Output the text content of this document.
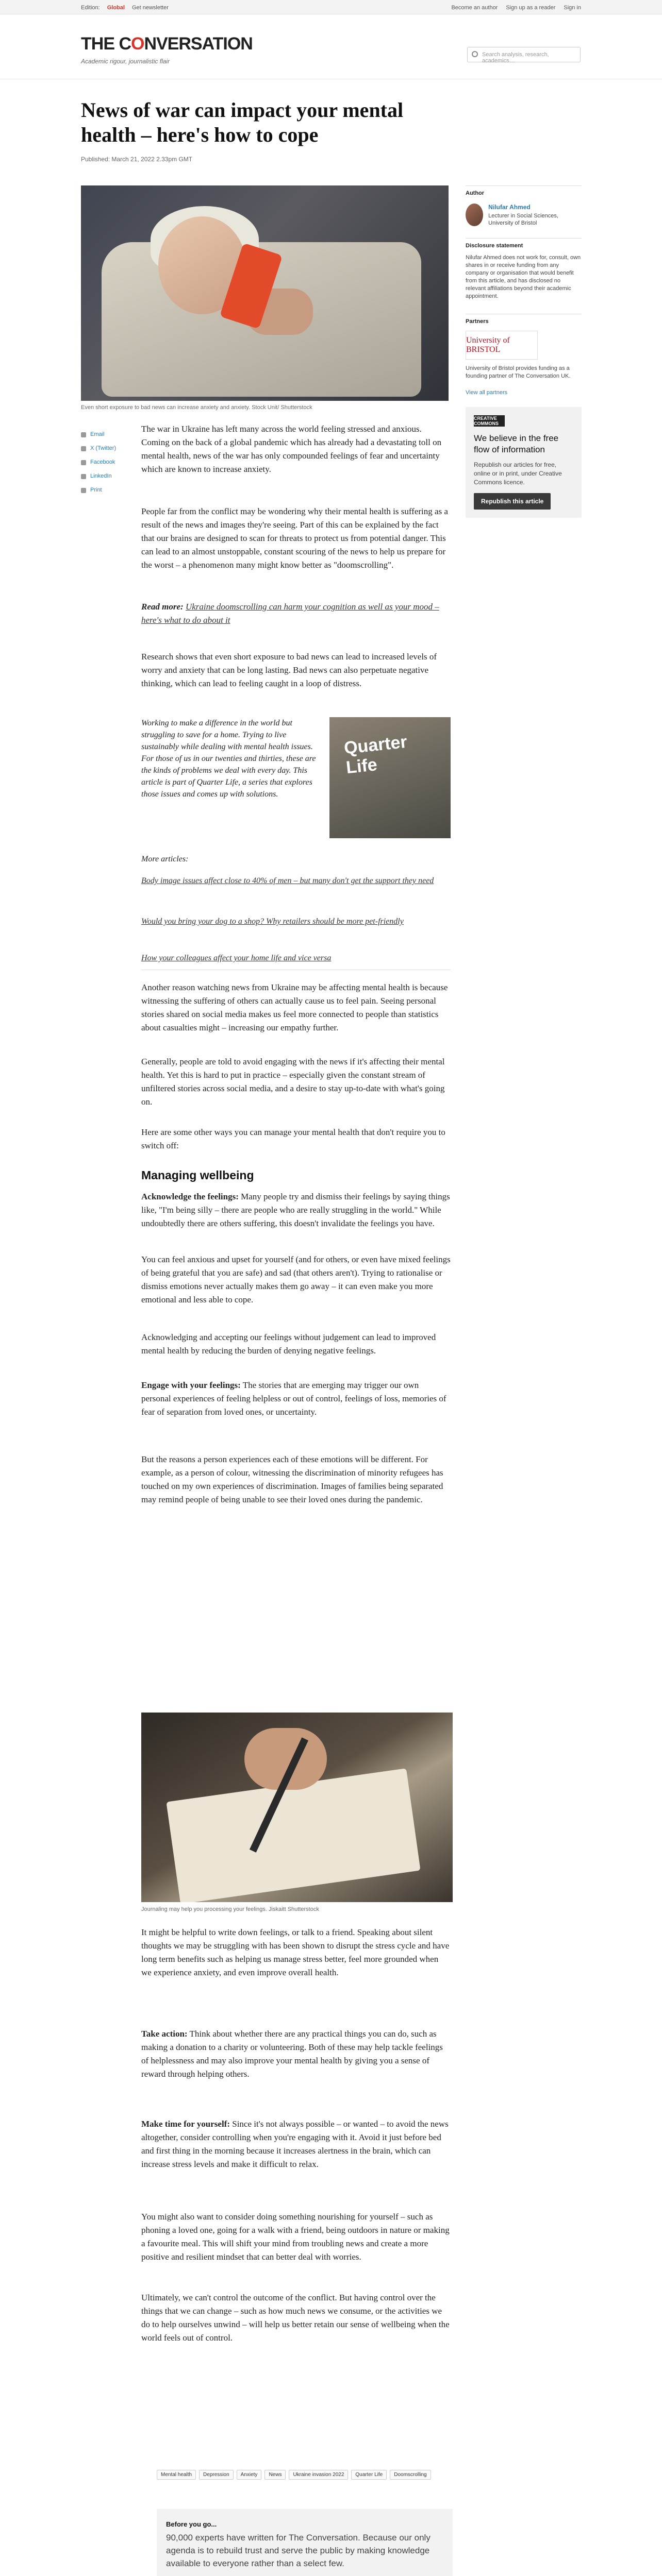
Edition: Global Get newsletter	Become an author Sign up as a reader Sign in
THE CONVERSATION
Academic rigour, journalistic flair
Search analysis, research, academics…
News of war can impact your mental health – here's how to cope
Published: March 21, 2022 2.33pm GMT
Even short exposure to bad news can increase anxiety and anxiety. Stock Unit/ Shutterstock
Author
Nilufar Ahmed
Lecturer in Social Sciences, University of Bristol
Disclosure statement
Nilufar Ahmed does not work for, consult, own shares in or receive funding from any company or organisation that would benefit from this article, and has disclosed no relevant affiliations beyond their academic appointment.
Partners
University of BRISTOL
University of Bristol provides funding as a founding partner of The Conversation UK.
View all partners
CREATIVE COMMONS
We believe in the free flow of information
Republish our articles for free, online or in print, under Creative Commons licence.
Republish this article
Email
X (Twitter)
Facebook
LinkedIn
Print

The war in Ukraine has left many across the world feeling stressed and anxious. Coming on the back of a global pandemic which has already had a devastating toll on mental health, news of the war has only compounded feelings of fear and uncertainty which are known to increase anxiety.

People far from the conflict may be wondering why their mental health is suffering as a result of the news and images they're seeing. Part of this can be explained by the fact that our brains are designed to scan for threats to protect us from potential danger. This can lead to an almost unstoppable, constant scouring of the news to help us prepare for the worst – a phenomenon many might know better as "doomscrolling".

Read more: Ukraine doomscrolling can harm your cognition as well as your mood – here's what to do about it

Research shows that even short exposure to bad news can lead to increased levels of worry and anxiety that can be long lasting. Bad news can also perpetuate negative thinking, which can lead to feeling caught in a loop of distress.

Working to make a difference in the world but struggling to save for a home. Trying to live sustainably while dealing with mental health issues. For those of us in our twenties and thirties, these are the kinds of problems we deal with every day. This article is part of Quarter Life, a series that explores those issues and comes up with solutions.

Quarter
Life
More articles:
Body image issues affect close to 40% of men – but many don't get the support they need
Would you bring your dog to a shop? Why retailers should be more pet-friendly
How your colleagues affect your home life and vice versa

Another reason watching news from Ukraine may be affecting mental health is because witnessing the suffering of others can actually cause us to feel pain. Seeing personal stories shared on social media makes us feel more connected to people than statistics about casualties might – increasing our empathy further.

Generally, people are told to avoid engaging with the news if it's affecting their mental health. Yet this is hard to put in practice – especially given the constant stream of unfiltered stories across social media, and a desire to stay up-to-date with what's going on.

Here are some other ways you can manage your mental health that don't require you to switch off:

Managing wellbeing

Acknowledge the feelings: Many people try and dismiss their feelings by saying things like, "I'm being silly – there are people who are really struggling in the world." While undoubtedly there are others suffering, this doesn't invalidate the feelings you have.

You can feel anxious and upset for yourself (and for others, or even have mixed feelings of being grateful that you are safe) and sad (that others aren't). Trying to rationalise or dismiss emotions never actually makes them go away – it can even make you more emotional and less able to cope.

Acknowledging and accepting our feelings without judgement can lead to improved mental health by reducing the burden of denying negative feelings.

Engage with your feelings: The stories that are emerging may trigger our own personal experiences of feeling helpless or out of control, feelings of loss, memories of fear of separation from loved ones, or uncertainty.

But the reasons a person experiences each of these emotions will be different. For example, as a person of colour, witnessing the discrimination of minority refugees has touched on my own experiences of discrimination. Images of families being separated may remind people of being unable to see their loved ones during the pandemic.

Journaling may help you processing your feelings. Jiskaitt Shutterstock

It might be helpful to write down feelings, or talk to a friend. Speaking about silent thoughts we may be struggling with has been shown to disrupt the stress cycle and have long term benefits such as helping us manage stress better, feel more grounded when we experience anxiety, and even improve overall health.

Take action: Think about whether there are any practical things you can do, such as making a donation to a charity or volunteering. Both of these may help tackle feelings of helplessness and may also improve your mental health by giving you a sense of reward through helping others.

Make time for yourself: Since it's not always possible – or wanted – to avoid the news altogether, consider controlling when you're engaging with it. Avoid it just before bed and first thing in the morning because it increases alertness in the brain, which can increase stress levels and make it difficult to relax.

You might also want to consider doing something nourishing for yourself – such as phoning a loved one, going for a walk with a friend, being outdoors in nature or making a favourite meal. This will shift your mind from troubling news and create a more positive and resilient mindset that can better deal with worries.

Ultimately, we can't control the outcome of the conflict. But having control over the things that we can change – such as how much news we consume, or the activities we do to help ourselves unwind – will help us better retain our sense of wellbeing when the world feels out of control.

Mental health	Depression	Anxiety	News	Ukraine invasion 2022	Quarter Life	Doomscrolling
Before you go...

90,000 experts have written for The Conversation. Because our only agenda is to rebuild trust and serve the public by making knowledge available to everyone rather than a select few.
